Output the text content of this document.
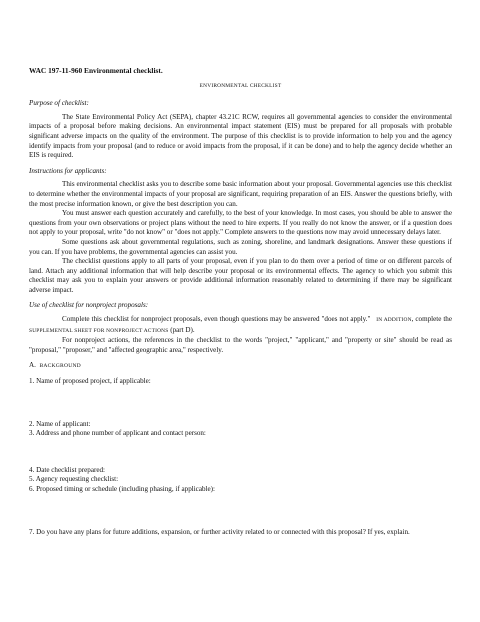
WAC 197-11-960 Environmental checklist.
ENVIRONMENTAL CHECKLIST
Purpose of checklist:

The State Environmental Policy Act (SEPA), chapter 43.21C RCW, requires all governmental agencies to consider the environmental impacts of a proposal before making decisions. An environmental impact statement (EIS) must be prepared for all proposals with probable significant adverse impacts on the quality of the environment. The purpose of this checklist is to provide information to help you and the agency identify impacts from your proposal (and to reduce or avoid impacts from the proposal, if it can be done) and to help the agency decide whether an EIS is required.

Instructions for applicants:

This environmental checklist asks you to describe some basic information about your proposal. Governmental agencies use this checklist to determine whether the environmental impacts of your proposal are significant, requiring preparation of an EIS. Answer the questions briefly, with the most precise information known, or give the best description you can.

You must answer each question accurately and carefully, to the best of your knowledge. In most cases, you should be able to answer the questions from your own observations or project plans without the need to hire experts. If you really do not know the answer, or if a question does not apply to your proposal, write "do not know" or "does not apply." Complete answers to the questions now may avoid unnecessary delays later.

Some questions ask about governmental regulations, such as zoning, shoreline, and landmark designations. Answer these questions if you can. If you have problems, the governmental agencies can assist you.

The checklist questions apply to all parts of your proposal, even if you plan to do them over a period of time or on different parcels of land. Attach any additional information that will help describe your proposal or its environmental effects. The agency to which you submit this checklist may ask you to explain your answers or provide additional information reasonably related to determining if there may be significant adverse impact.

Use of checklist for nonproject proposals:

Complete this checklist for nonproject proposals, even though questions may be answered "does not apply." IN ADDITION, complete the SUPPLEMENTAL SHEET FOR NONPROJECT ACTIONS (part D).

For nonproject actions, the references in the checklist to the words "project," "applicant," and "property or site" should be read as "proposal," "proposer," and "affected geographic area," respectively.

A. BACKGROUND
1. Name of proposed project, if applicable:
2. Name of applicant:
3. Address and phone number of applicant and contact person:
4. Date checklist prepared:
5. Agency requesting checklist:
6. Proposed timing or schedule (including phasing, if applicable):

7. Do you have any plans for future additions, expansion, or further activity related to or connected with this proposal? If yes, explain.
